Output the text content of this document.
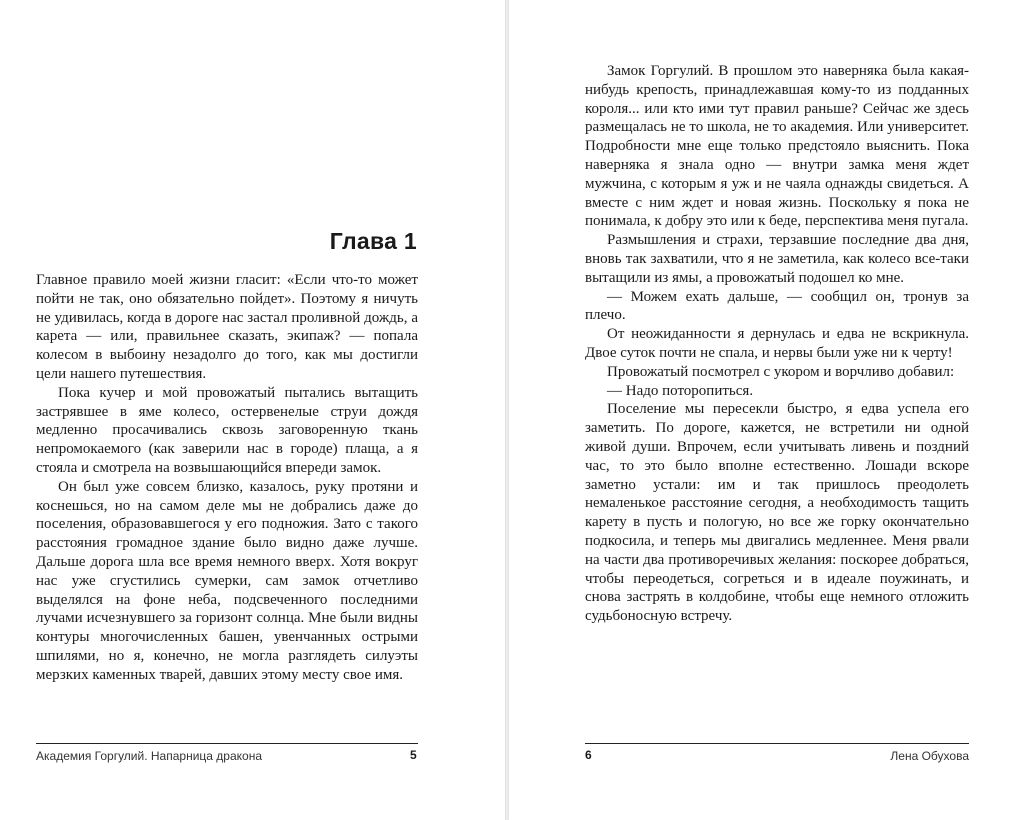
Глава 1

Главное правило моей жизни гласит: «Если что-то может пойти не так, оно обязательно пойдет». Поэтому я ничуть не удивилась, когда в дороге нас застал проливной дождь, а карета — или, правильнее сказать, экипаж? — попала колесом в выбоину незадолго до того, как мы достигли цели нашего путешествия.

Пока кучер и мой провожатый пытались вытащить застрявшее в яме колесо, остервенелые струи дождя медленно просачивались сквозь заговоренную ткань непромокаемого (как заверили нас в городе) плаща, а я стояла и смотрела на возвышающийся впереди замок.

Он был уже совсем близко, казалось, руку протяни и коснешься, но на самом деле мы не добрались даже до поселения, образовавшегося у его подножия. Зато с такого расстояния громадное здание было видно даже лучше. Дальше дорога шла все время немного вверх. Хотя вокруг нас уже сгустились сумерки, сам замок отчетливо выделялся на фоне неба, подсвеченного последними лучами исчезнувшего за горизонт солнца. Мне были видны контуры многочисленных башен, увенчанных острыми шпилями, но я, конечно, не могла разглядеть силуэты мерзких каменных тварей, давших этому месту свое имя.

Академия Горгулий. Напарница дракона	5

Замок Горгулий. В прошлом это наверняка была какая-нибудь крепость, принадлежавшая кому-то из подданных короля... или кто ими тут правил раньше? Сейчас же здесь размещалась не то школа, не то академия. Или университет. Подробности мне еще только предстояло выяснить. Пока наверняка я знала одно — внутри замка меня ждет мужчина, с которым я уж и не чаяла однажды свидеться. А вместе с ним ждет и новая жизнь. Поскольку я пока не понимала, к добру это или к беде, перспектива меня пугала.

Размышления и страхи, терзавшие последние два дня, вновь так захватили, что я не заметила, как колесо все-таки вытащили из ямы, а провожатый подошел ко мне.

— Можем ехать дальше, — сообщил он, тронув за плечо.

От неожиданности я дернулась и едва не вскрикнула. Двое суток почти не спала, и нервы были уже ни к черту!

Провожатый посмотрел с укором и ворчливо добавил:

— Надо поторопиться.

Поселение мы пересекли быстро, я едва успела его заметить. По дороге, кажется, не встретили ни одной живой души. Впрочем, если учитывать ливень и поздний час, то это было вполне естественно. Лошади вскоре заметно устали: им и так пришлось преодолеть немаленькое расстояние сегодня, а необходимость тащить карету в пусть и пологую, но все же горку окончательно подкосила, и теперь мы двигались медленнее. Меня рвали на части два противоречивых желания: поскорее добраться, чтобы переодеться, согреться и в идеале поужинать, и снова застрять в колдобине, чтобы еще немного отложить судьбоносную встречу.

6	Лена Обухова
